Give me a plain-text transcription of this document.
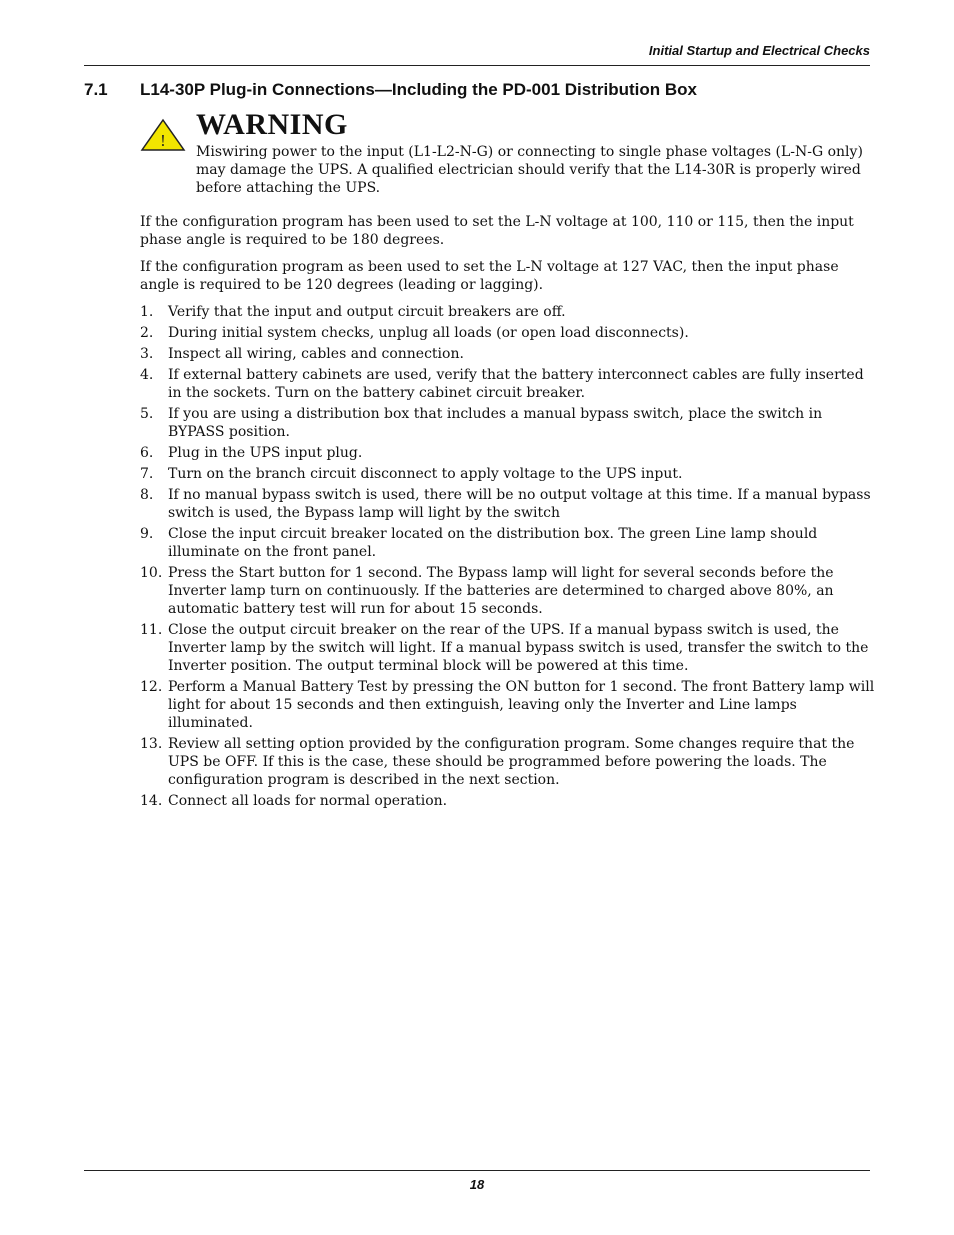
Initial Startup and Electrical Checks
7.1 L14-30P Plug-in Connections—Including the PD-001 Distribution Box
! WARNING
Miswiring power to the input (L1-L2-N-G) or connecting to single phase voltages (L-N-G only) may damage the UPS. A qualified electrician should verify that the L14-30R is properly wired before attaching the UPS.
If the configuration program has been used to set the L-N voltage at 100, 110 or 115, then the input phase angle is required to be 180 degrees.
If the configuration program as been used to set the L-N voltage at 127 VAC, then the input phase angle is required to be 120 degrees (leading or lagging).
1.	Verify that the input and output circuit breakers are off.
2.	During initial system checks, unplug all loads (or open load disconnects).
3.	Inspect all wiring, cables and connection.
4.	If external battery cabinets are used, verify that the battery interconnect cables are fully inserted in the sockets. Turn on the battery cabinet circuit breaker.
5.	If you are using a distribution box that includes a manual bypass switch, place the switch in BYPASS position.
6.	Plug in the UPS input plug.
7.	Turn on the branch circuit disconnect to apply voltage to the UPS input.
8.	If no manual bypass switch is used, there will be no output voltage at this time. If a manual bypass switch is used, the Bypass lamp will light by the switch
9.	Close the input circuit breaker located on the distribution box. The green Line lamp should illuminate on the front panel.
10. Press the Start button for 1 second. The Bypass lamp will light for several seconds before the Inverter lamp turn on continuously. If the batteries are determined to charged above 80%, an automatic battery test will run for about 15 seconds.
11. Close the output circuit breaker on the rear of the UPS. If a manual bypass switch is used, the Inverter lamp by the switch will light. If a manual bypass switch is used, transfer the switch to the Inverter position. The output terminal block will be powered at this time.
12. Perform a Manual Battery Test by pressing the ON button for 1 second. The front Battery lamp will light for about 15 seconds and then extinguish, leaving only the Inverter and Line lamps illuminated.
13. Review all setting option provided by the configuration program. Some changes require that the UPS be OFF. If this is the case, these should be programmed before powering the loads. The configuration program is described in the next section.
14. Connect all loads for normal operation.
18
